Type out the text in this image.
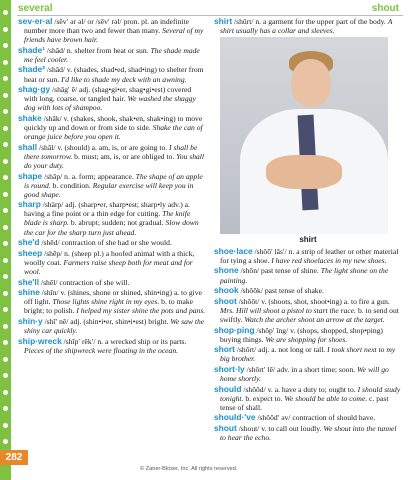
282
several	shout

sev·er·al /sĕv′ ər əl/ or /sĕv′ rəl/ pron. pl. an indefinite number more than two and fewer than many. Several of my friends have brown hair.

shade¹ /shād/ n. shelter from heat or sun. The shade made me feel cooler.

shade² /shād/ v. (shades, shad•ed, shad•ing) to shelter from heat or sun. I'd like to shade my deck with an awning.

shag·gy /shăg′ ē/ adj. (shag•gi•er, shag•gi•est) covered with long, coarse, or tangled hair. We washed the shaggy dog with lots of shampoo.

shake /shāk/ v. (shakes, shook, shak•en, shak•ing) to move quickly up and down or from side to side. Shake the can of orange juice before you open it.

shall /shăl/ v. (should) a. am, is, or are going to. I shall be there tomorrow. b. must; am, is, or are obliged to. You shall do your duty.

shape /shāp/ n. a. form; appearance. The shape of an apple is round. b. condition. Regular exercise will keep you in good shape.

sharp /shärp/ adj. (sharp•er, sharp•est; sharp•ly adv.) a. having a fine point or a thin edge for cutting. The knife blade is sharp. b. abrupt; sudden; not gradual. Slow down the car for the sharp turn just ahead.

she'd /shēd/ contraction of she had or she would.

sheep /shēp/ n. (sheep pl.) a hoofed animal with a thick, woolly coat. Farmers raise sheep both for meat and for wool.

she'll /shēl/ contraction of she will.

shine /shīn/ v. (shines, shone or shined, shin•ing) a. to give off light. Those lights shine right in my eyes. b. to make bright; to polish. I helped my sister shine the pots and pans.

shin·y /shī′ nē/ adj. (shin•i•er, shin•i•est) bright. We saw the shiny car quickly.

ship·wreck /shĭp′ rĕk′/ n. a wrecked ship or its parts. Pieces of the shipwreck were floating in the ocean.

shirt /shûrt/ n. a garment for the upper part of the body. A shirt usually has a collar and sleeves.

shirt

shoe·lace /shōō′ lās′/ n. a strip of leather or other material for tying a shoe. I have red shoelaces in my new shoes.

shone /shōn/ past tense of shine. The light shone on the painting.

shook /shŏŏk/ past tense of shake.

shoot /shōōt/ v. (shoots, shot, shoot•ing) a. to fire a gun. Mrs. Hill will shoot a pistol to start the race. b. to send out swiftly. Watch the archer shoot an arrow at the target.

shop·ping /shŏp′ ĭng/ v. (shops, shopped, shop•ping) buying things. We are shopping for shoes.

short /shôrt/ adj. a. not long or tall. I took short next to my big brother.

short·ly /shôrt′ lē/ adv. in a short time; soon. We will go home shortly.

should /shŏŏd/ v. a. have a duty to; ought to. I should study tonight. b. expect to. We should be able to come. c. past tense of shall.

should·'ve /shŏŏd′ əv/ contraction of should have.

shout /shout/ v. to call out loudly. We shout into the tunnel to hear the echo.

© Zaner-Bloser, Inc. All rights reserved.
